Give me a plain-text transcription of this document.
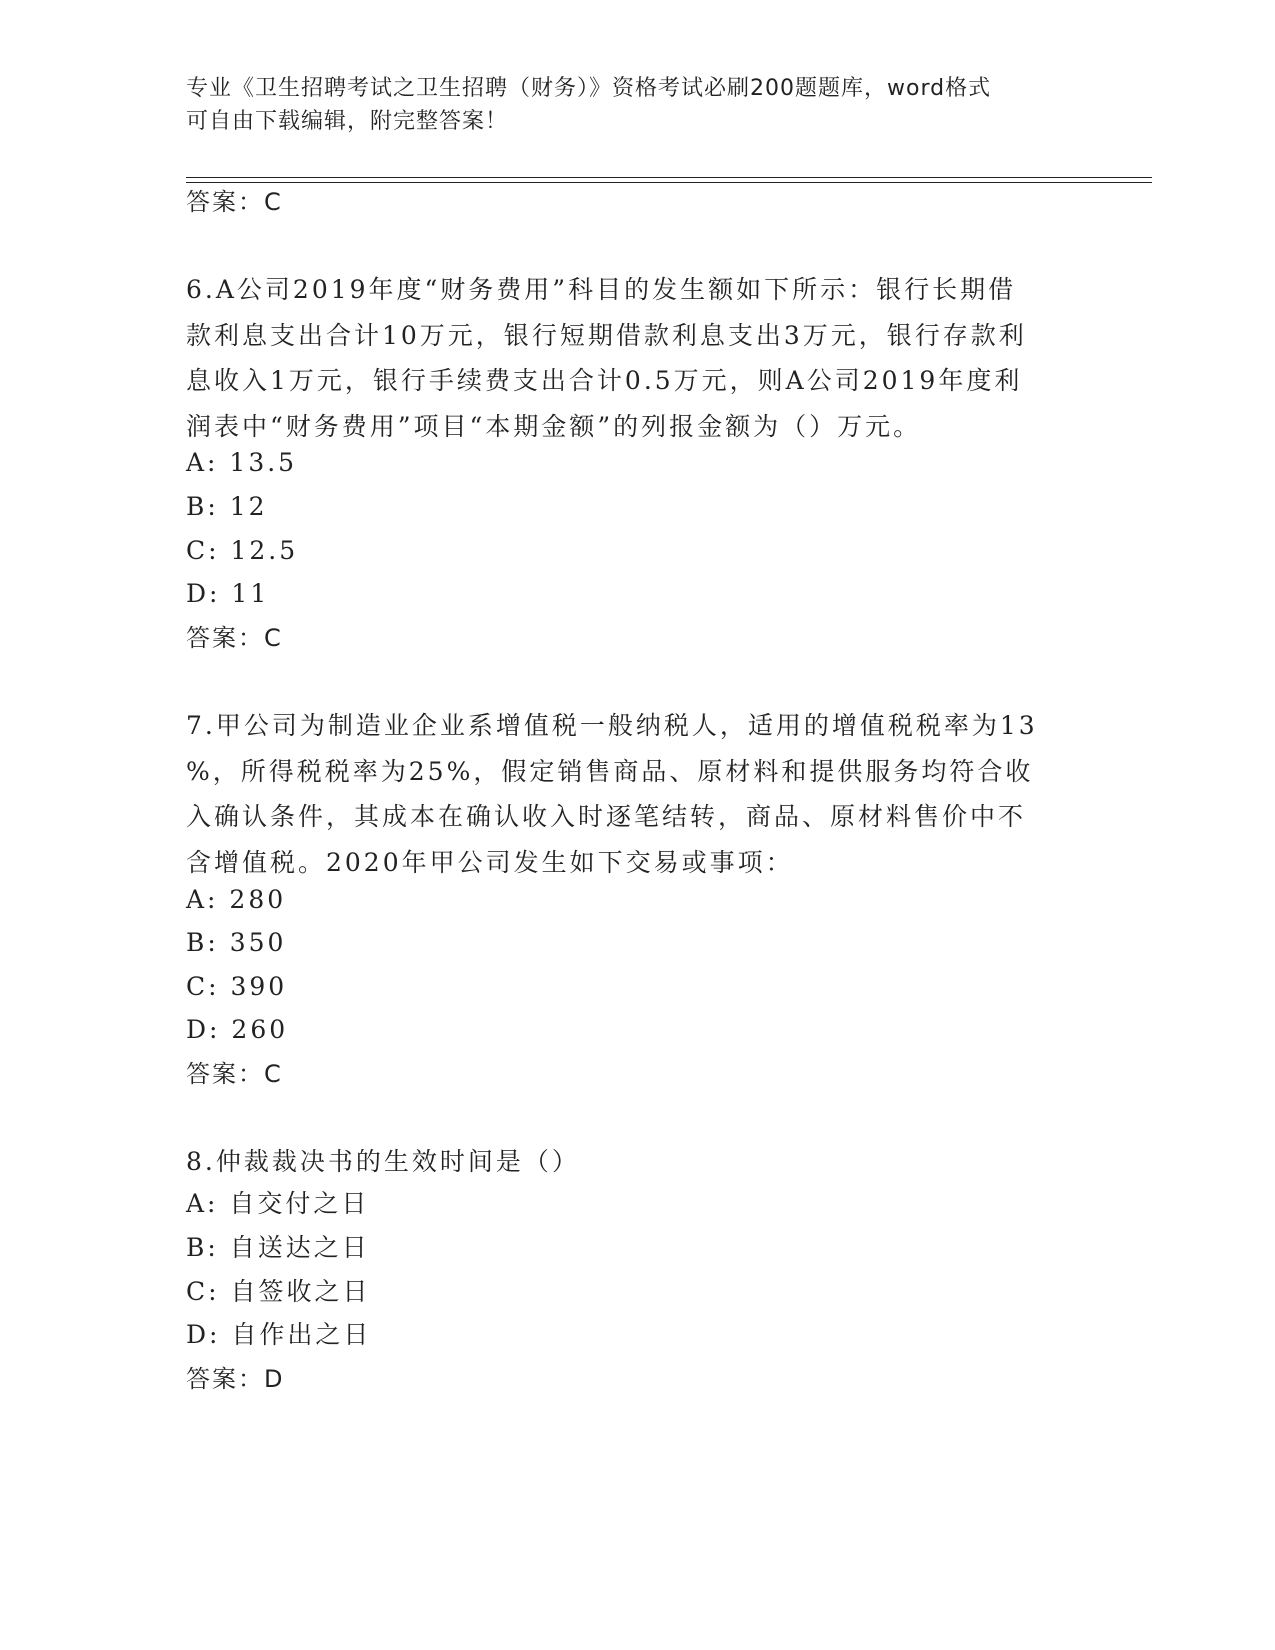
专业《卫生招聘考试之卫生招聘（财务）》资格考试必刷200题题库，word格式
可自由下载编辑，附完整答案！
答案：C
6.A公司2019年度“财务费用”科目的发生额如下所示：银行长期借
款利息支出合计10万元，银行短期借款利息支出3万元，银行存款利
息收入1万元，银行手续费支出合计0.5万元，则A公司2019年度利
润表中“财务费用”项目“本期金额”的列报金额为（）万元。
A: 13.5
B: 12
C: 12.5
D: 11
答案：C
7.甲公司为制造业企业系增值税一般纳税人，适用的增值税税率为13
%，所得税税率为25%，假定销售商品、原材料和提供服务均符合收
入确认条件，其成本在确认收入时逐笔结转，商品、原材料售价中不
含增值税。2020年甲公司发生如下交易或事项：
A: 280
B: 350
C: 390
D: 260
答案：C
8.仲裁裁决书的生效时间是（）
A: 自交付之日
B: 自送达之日
C: 自签收之日
D: 自作出之日
答案：D
